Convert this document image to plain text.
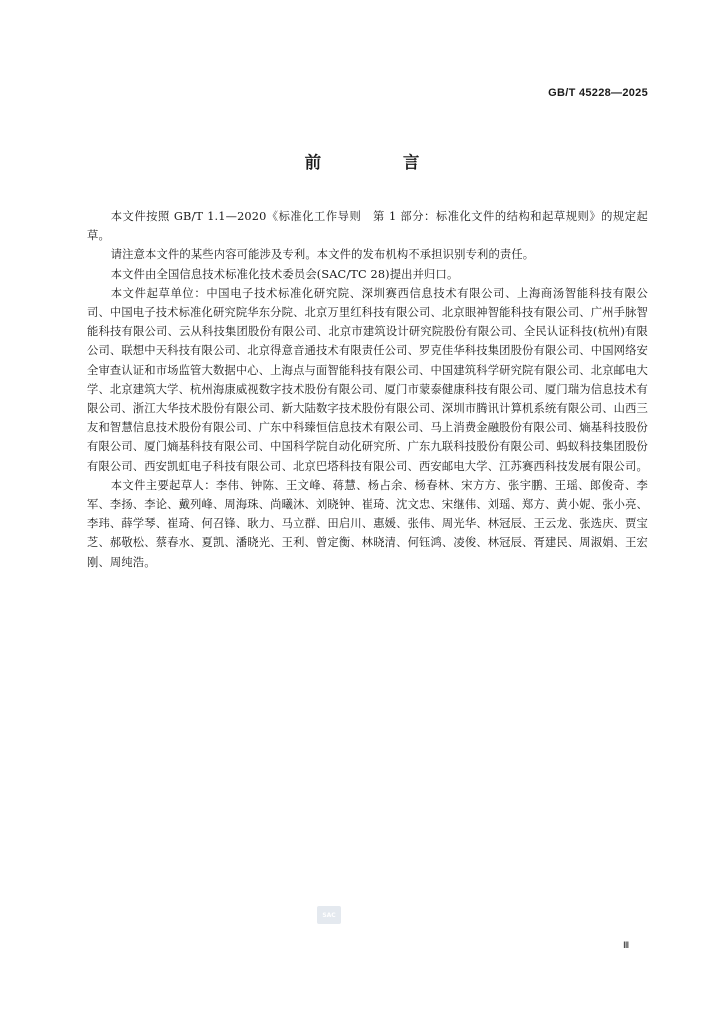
GB/T 45228—2025
前 言

本文件按照 GB/T 1.1—2020《标准化工作导则　第 1 部分：标准化文件的结构和起草规则》的规定起草。

请注意本文件的某些内容可能涉及专利。本文件的发布机构不承担识别专利的责任。

本文件由全国信息技术标准化技术委员会(SAC/TC 28)提出并归口。

本文件起草单位：中国电子技术标准化研究院、深圳赛西信息技术有限公司、上海商汤智能科技有限公司、中国电子技术标准化研究院华东分院、北京万里红科技有限公司、北京眼神智能科技有限公司、广州手脉智能科技有限公司、云从科技集团股份有限公司、北京市建筑设计研究院股份有限公司、全民认证科技(杭州)有限公司、联想中天科技有限公司、北京得意音通技术有限责任公司、罗克佳华科技集团股份有限公司、中国网络安全审查认证和市场监管大数据中心、上海点与面智能科技有限公司、中国建筑科学研究院有限公司、北京邮电大学、北京建筑大学、杭州海康威视数字技术股份有限公司、厦门市蒙泰健康科技有限公司、厦门瑞为信息技术有限公司、浙江大华技术股份有限公司、新大陆数字技术股份有限公司、深圳市腾讯计算机系统有限公司、山西三友和智慧信息技术股份有限公司、广东中科臻恒信息技术有限公司、马上消费金融股份有限公司、熵基科技股份有限公司、厦门熵基科技有限公司、中国科学院自动化研究所、广东九联科技股份有限公司、蚂蚁科技集团股份有限公司、西安凯虹电子科技有限公司、北京巴塔科技有限公司、西安邮电大学、江苏赛西科技发展有限公司。

本文件主要起草人：李伟、钟陈、王文峰、蒋慧、杨占余、杨春林、宋方方、张宇鹏、王瑶、郎俊奇、李军、李扬、李论、戴列峰、周海珠、尚曦沐、刘晓钟、崔琦、沈文忠、宋继伟、刘瑶、郑方、黄小妮、张小亮、李玮、薛学琴、崔琦、何召锋、耿力、马立群、田启川、惠媛、张伟、周光华、林冠辰、王云龙、张选庆、贾宝芝、郝敬松、蔡春水、夏凯、潘晓光、王利、曾定衡、林晓清、何钰鸿、凌俊、林冠辰、胥建民、周淑娟、王宏刚、周纯浩。

SAC
Ⅲ
